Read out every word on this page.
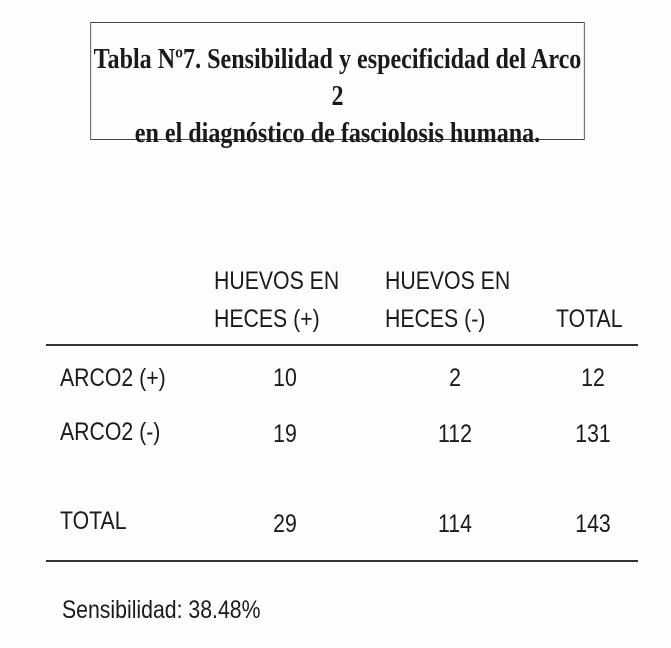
Tabla Nº7. Sensibilidad y especificidad del Arco 2
en el diagnóstico de fasciolosis humana.
HUEVOS EN
HECES (+)
HUEVOS EN
HECES (-)	TOTAL
ARCO2 (+)	10	2	12
ARCO2 (-)	19	112	131
TOTAL	29	114	143
Sensibilidad: 38.48%
